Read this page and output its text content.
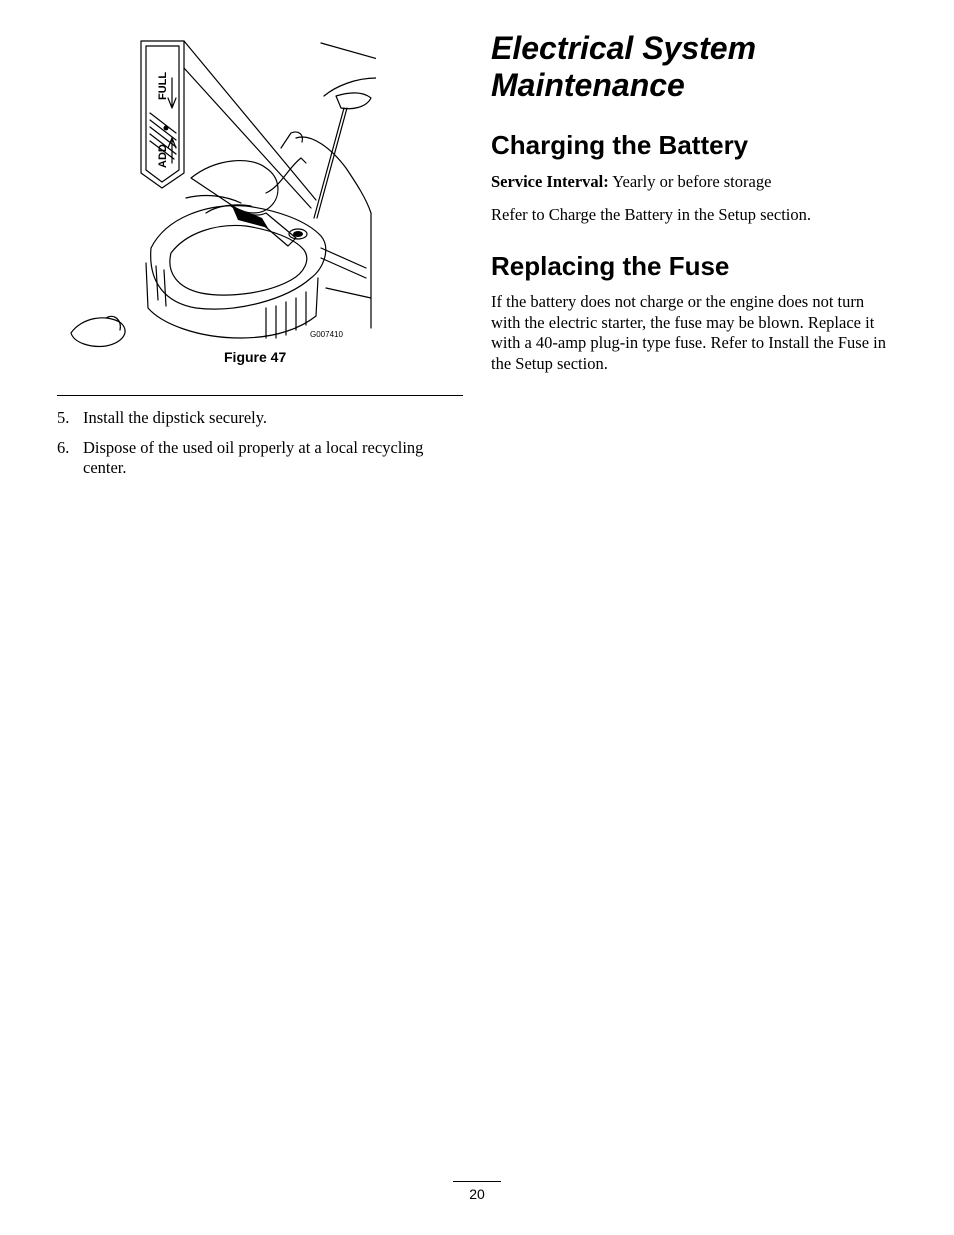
FULL
ADD
G007410
Figure 47
5. Install the dipstick securely.
6. Dispose of the used oil properly at a local recycling center.
Electrical System
Maintenance
Charging the Battery

Service Interval: Yearly or before storage

Refer to Charge the Battery in the Setup section.

Replacing the Fuse

If the battery does not charge or the engine does not turn with the electric starter, the fuse may be blown. Replace it with a 40-amp plug-in type fuse. Refer to Install the Fuse in the Setup section.

20
